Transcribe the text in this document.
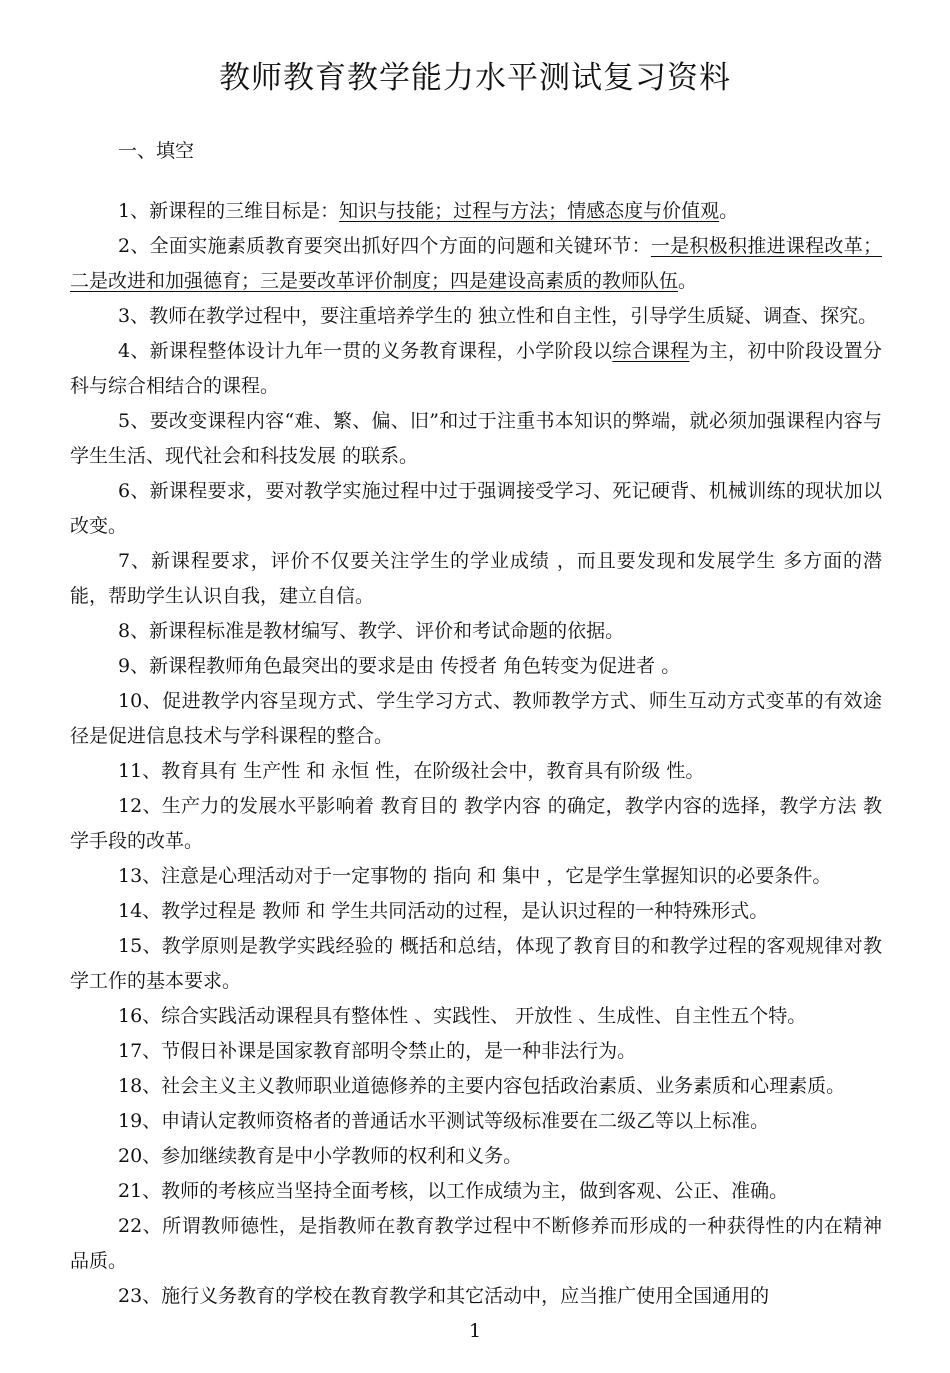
教师教育教学能力水平测试复习资料
一、填空

1、新课程的三维目标是：知识与技能；过程与方法；情感态度与价值观。

2、全面实施素质教育要突出抓好四个方面的问题和关键环节：一是积极积推进课程改革；二是改进和加强德育；三是要改革评价制度；四是建设高素质的教师队伍。

3、教师在教学过程中，要注重培养学生的 独立性和自主性，引导学生质疑、调查、探究。

4、新课程整体设计九年一贯的义务教育课程，小学阶段以综合课程为主，初中阶段设置分科与综合相结合的课程。

5、要改变课程内容“难、繁、偏、旧”和过于注重书本知识的弊端，就必须加强课程内容与 学生生活、现代社会和科技发展 的联系。

6、新课程要求，要对教学实施过程中过于强调接受学习、死记硬背、机械训练的现状加以改变。

7、新课程要求，评价不仅要关注学生的学业成绩 ，而且要发现和发展学生 多方面的潜能，帮助学生认识自我，建立自信。

8、新课程标准是教材编写、教学、评价和考试命题的依据。

9、新课程教师角色最突出的要求是由 传授者 角色转变为促进者 。

10、促进教学内容呈现方式、学生学习方式、教师教学方式、师生互动方式变革的有效途径是促进信息技术与学科课程的整合。

11、教育具有 生产性 和 永恒 性，在阶级社会中，教育具有阶级 性。

12、生产力的发展水平影响着 教育目的 教学内容 的确定，教学内容的选择，教学方法 教学手段的改革。

13、注意是心理活动对于一定事物的 指向 和 集中 ，它是学生掌握知识的必要条件。

14、教学过程是 教师 和 学生共同活动的过程，是认识过程的一种特殊形式。

15、教学原则是教学实践经验的 概括和总结，体现了教育目的和教学过程的客观规律对教学工作的基本要求。

16、综合实践活动课程具有整体性 、实践性、 开放性 、生成性、自主性五个特。

17、节假日补课是国家教育部明令禁止的，是一种非法行为。

18、社会主义主义教师职业道德修养的主要内容包括政治素质、业务素质和心理素质。

19、申请认定教师资格者的普通话水平测试等级标准要在二级乙等以上标准。

20、参加继续教育是中小学教师的权利和义务。

21、教师的考核应当坚持全面考核，以工作成绩为主，做到客观、公正、准确。

22、所谓教师德性，是指教师在教育教学过程中不断修养而形成的一种获得性的内在精神品质。

23、施行义务教育的学校在教育教学和其它活动中，应当推广使用全国通用的

1
